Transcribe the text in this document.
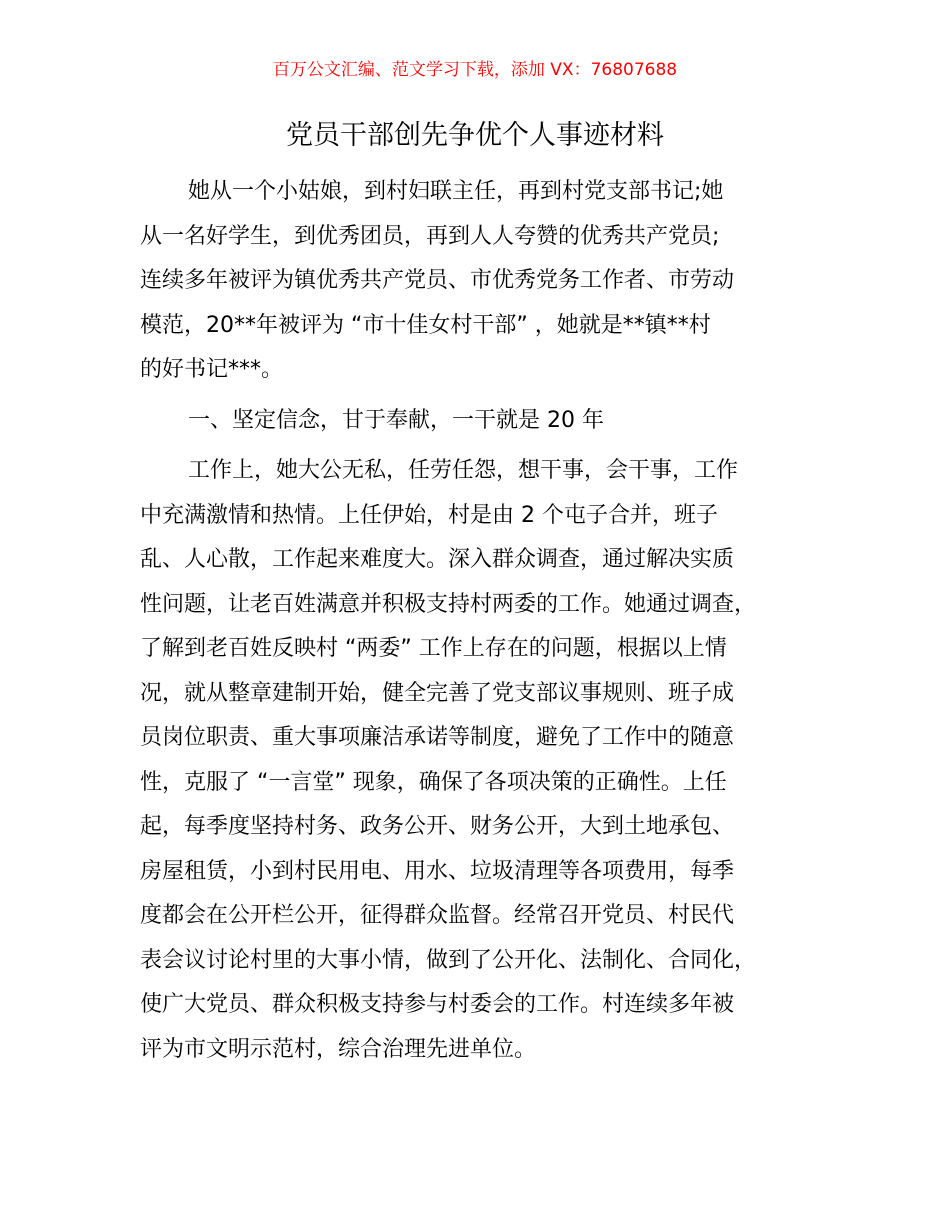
百万公文汇编、范文学习下载，添加 VX：76807688
党员干部创先争优个人事迹材料

她从一个小姑娘，到村妇联主任，再到村党支部书记;她
从一名好学生，到优秀团员，再到人人夸赞的优秀共产党员;
连续多年被评为镇优秀共产党员、市优秀党务工作者、市劳动
模范，20**年被评为 “市十佳女村干部” ，她就是**镇**村
的好书记***。

一、坚定信念，甘于奉献，一干就是 20 年

工作上，她大公无私，任劳任怨，想干事，会干事，工作
中充满激情和热情。上任伊始，村是由 2 个屯子合并，班子
乱、人心散，工作起来难度大。深入群众调查，通过解决实质
性问题，让老百姓满意并积极支持村两委的工作。她通过调查，
了解到老百姓反映村 “两委” 工作上存在的问题，根据以上情
况，就从整章建制开始，健全完善了党支部议事规则、班子成
员岗位职责、重大事项廉洁承诺等制度，避免了工作中的随意
性，克服了 “一言堂” 现象，确保了各项决策的正确性。上任
起，每季度坚持村务、政务公开、财务公开，大到土地承包、
房屋租赁，小到村民用电、用水、垃圾清理等各项费用，每季
度都会在公开栏公开，征得群众监督。经常召开党员、村民代
表会议讨论村里的大事小情，做到了公开化、法制化、合同化，
使广大党员、群众积极支持参与村委会的工作。村连续多年被
评为市文明示范村，综合治理先进单位。
